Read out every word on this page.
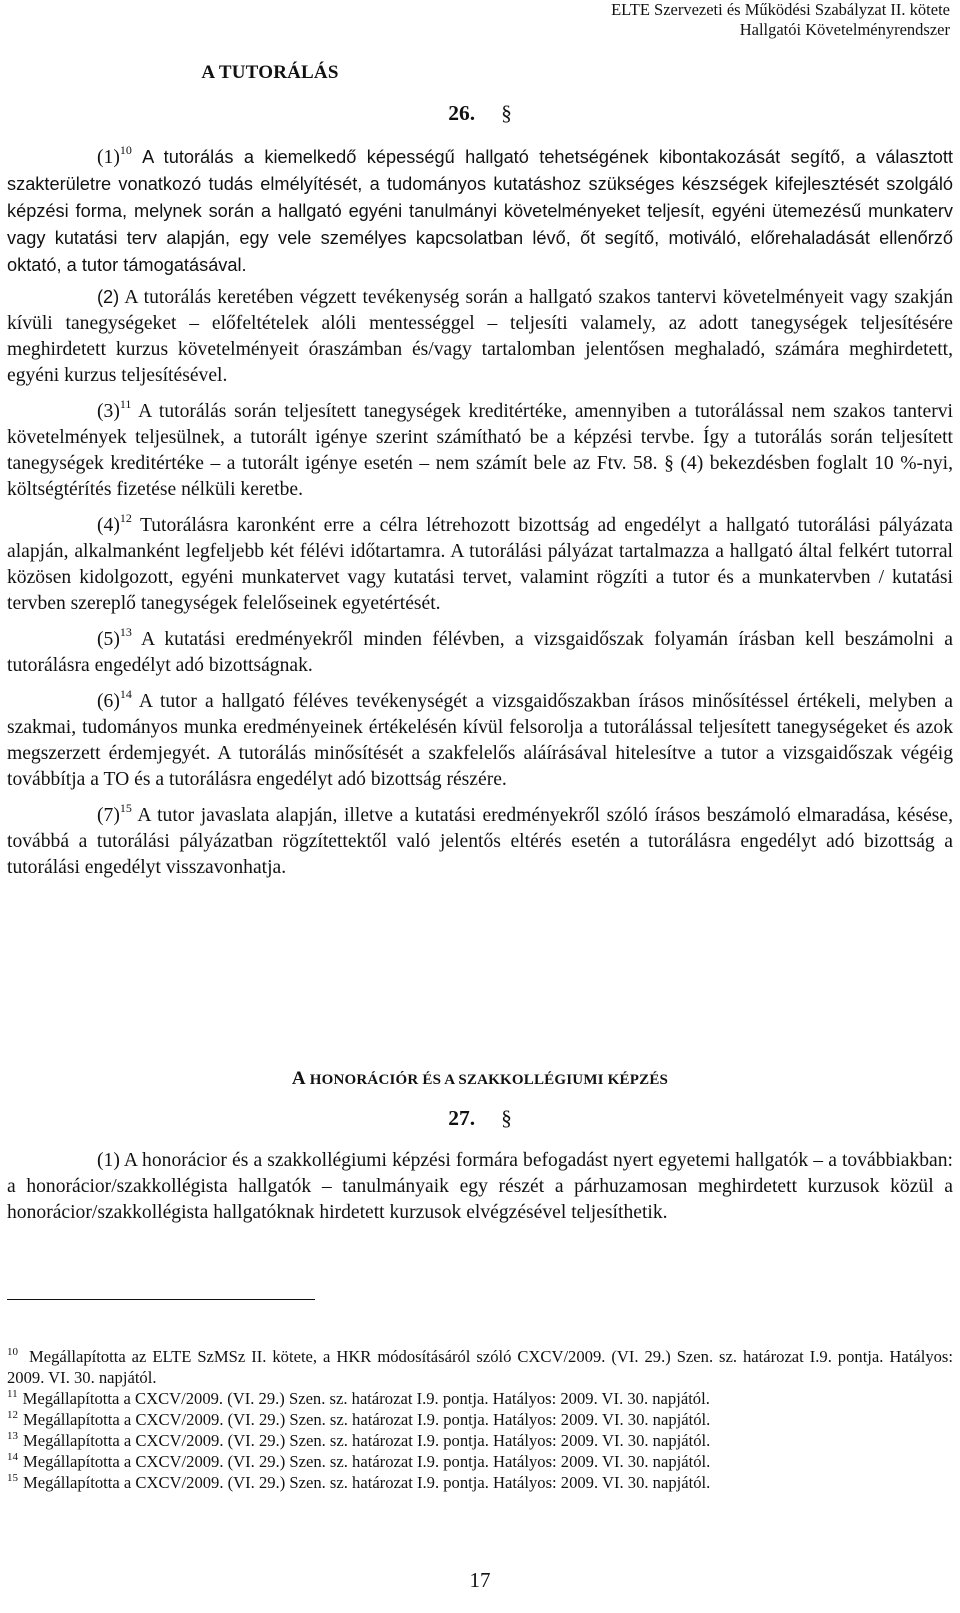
ELTE Szervezeti és Működési Szabályzat II. kötete
Hallgatói Követelményrendszer
A TUTORÁLÁS
26. §

$(1)^{10}$ A tutorálás a kiemelkedő képességű hallgató tehetségének kibontakozását segítő, a választott szakterületre vonatkozó tudás elmélyítését, a tudományos kutatáshoz szükséges készségek kifejlesztését szolgáló képzési forma, melynek során a hallgató egyéni tanulmányi követelményeket teljesít, egyéni ütemezésű munkaterv vagy kutatási terv alapján, egy vele személyes kapcsolatban lévő, őt segítő, motiváló, előrehaladását ellenőrző oktató, a tutor támogatásával.

(2) A tutorálás keretében végzett tevékenység során a hallgató szakos tantervi követelményeit vagy szakján kívüli tanegységeket – előfeltételek alóli mentességgel – teljesíti valamely, az adott tanegységek teljesítésére meghirdetett kurzus követelményeit óraszámban és/vagy tartalomban jelentősen meghaladó, számára meghirdetett, egyéni kurzus teljesítésével.

$(3)^{11}$ A tutorálás során teljesített tanegységek kreditértéke, amennyiben a tutorálással nem szakos tantervi követelmények teljesülnek, a tutorált igénye szerint számítható be a képzési tervbe. Így a tutorálás során teljesített tanegységek kreditértéke – a tutorált igénye esetén – nem számít bele az Ftv. 58. § (4) bekezdésben foglalt 10 %-nyi, költségtérítés fizetése nélküli keretbe.

$(4)^{12}$ Tutorálásra karonként erre a célra létrehozott bizottság ad engedélyt a hallgató tutorálási pályázata alapján, alkalmanként legfeljebb két félévi időtartamra. A tutorálási pályázat tartalmazza a hallgató által felkért tutorral közösen kidolgozott, egyéni munkatervet vagy kutatási tervet, valamint rögzíti a tutor és a munkatervben / kutatási tervben szereplő tanegységek felelőseinek egyetértését.

$(5)^{13}$ A kutatási eredményekről minden félévben, a vizsgaidőszak folyamán írásban kell beszámolni a tutorálásra engedélyt adó bizottságnak.

$(6)^{14}$ A tutor a hallgató féléves tevékenységét a vizsgaidőszakban írásos minősítéssel értékeli, melyben a szakmai, tudományos munka eredményeinek értékelésén kívül felsorolja a tutorálással teljesített tanegységeket és azok megszerzett érdemjegyét. A tutorálás minősítését a szakfelelős aláírásával hitelesítve a tutor a vizsgaidőszak végéig továbbítja a TO és a tutorálásra engedélyt adó bizottság részére.

$(7)^{15}$ A tutor javaslata alapján, illetve a kutatási eredményekről szóló írásos beszámoló elmaradása, késése, továbbá a tutorálási pályázatban rögzítettektől való jelentős eltérés esetén a tutorálásra engedélyt adó bizottság a tutorálási engedélyt visszavonhatja.

A HONORÁCIÓR ÉS A SZAKKOLLÉGIUMI KÉPZÉS
27. §

(1) A honorácior és a szakkollégiumi képzési formára befogadást nyert egyetemi hallgatók – a továbbiakban: a honorácior/szakkollégista hallgatók – tanulmányaik egy részét a párhuzamosan meghirdetett kurzusok közül a honorácior/szakkollégista hallgatóknak hirdetett kurzusok elvégzésével teljesíthetik.

$^{10}$ Megállapította az ELTE SzMSz II. kötete, a HKR módosításáról szóló CXCV/2009. (VI. 29.) Szen. sz. határozat I.9. pontja. Hatályos: 2009. VI. 30. napjától.

$^{11}$ Megállapította a CXCV/2009. (VI. 29.) Szen. sz. határozat I.9. pontja. Hatályos: 2009. VI. 30. napjától.

$^{12}$ Megállapította a CXCV/2009. (VI. 29.) Szen. sz. határozat I.9. pontja. Hatályos: 2009. VI. 30. napjától.

$^{13}$ Megállapította a CXCV/2009. (VI. 29.) Szen. sz. határozat I.9. pontja. Hatályos: 2009. VI. 30. napjától.

$^{14}$ Megállapította a CXCV/2009. (VI. 29.) Szen. sz. határozat I.9. pontja. Hatályos: 2009. VI. 30. napjától.

$^{15}$ Megállapította a CXCV/2009. (VI. 29.) Szen. sz. határozat I.9. pontja. Hatályos: 2009. VI. 30. napjától.

17
